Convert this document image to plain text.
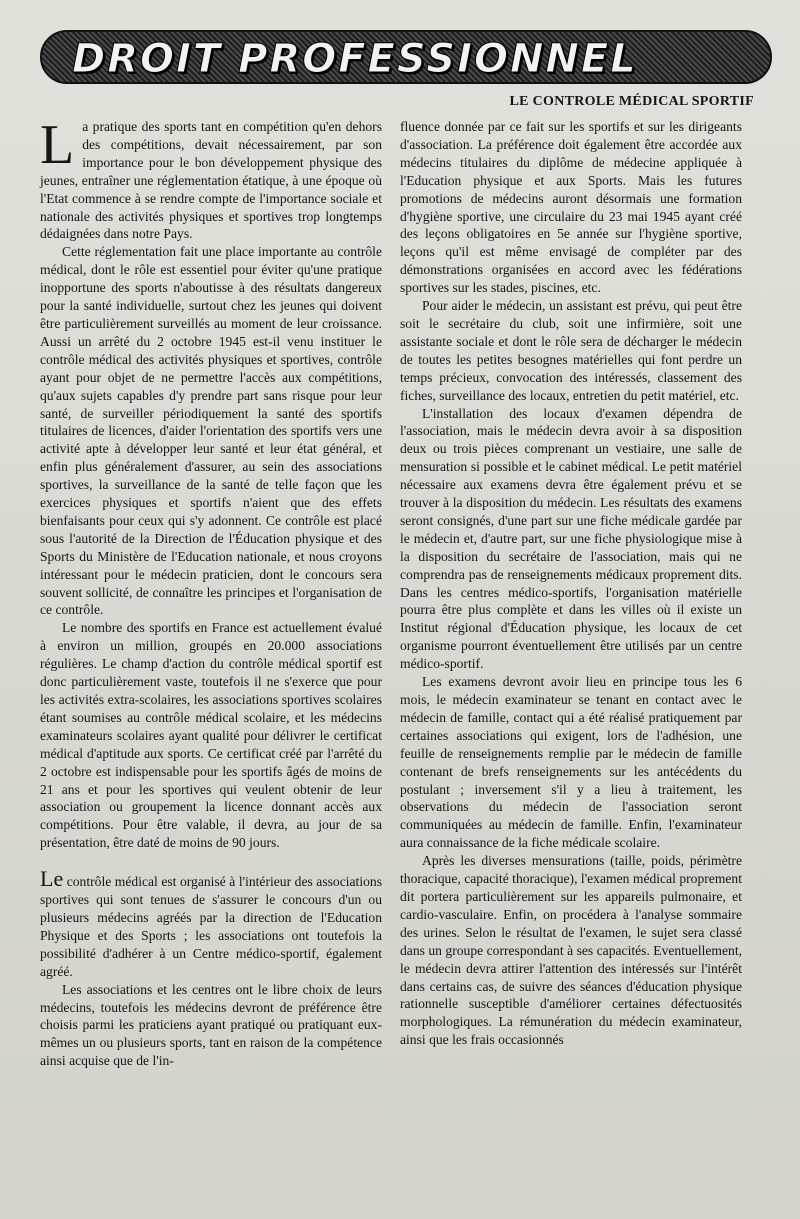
DROIT PROFESSIONNEL
LE CONTROLE MÉDICAL SPORTIF

La pratique des sports tant en compétition qu'en dehors des compétitions, devait nécessairement, par son importance pour le bon développement physique des jeunes, entraîner une réglementation étatique, à une époque où l'Etat commence à se rendre compte de l'importance sociale et nationale des activités physiques et sportives trop longtemps dédaignées dans notre Pays.

Cette réglementation fait une place importante au contrôle médical, dont le rôle est essentiel pour éviter qu'une pratique inopportune des sports n'aboutisse à des résultats dangereux pour la santé individuelle, surtout chez les jeunes qui doivent être particulièrement surveillés au moment de leur croissance. Aussi un arrêté du 2 octobre 1945 est-il venu instituer le contrôle médical des activités physiques et sportives, contrôle ayant pour objet de ne permettre l'accès aux compétitions, qu'aux sujets capables d'y prendre part sans risque pour leur santé, de surveiller périodiquement la santé des sportifs titulaires de licences, d'aider l'orientation des sportifs vers une activité apte à développer leur santé et leur état général, et enfin plus généralement d'assurer, au sein des associations sportives, la surveillance de la santé de telle façon que les exercices physiques et sportifs n'aient que des effets bienfaisants pour ceux qui s'y adonnent. Ce contrôle est placé sous l'autorité de la Direction de l'Éducation physique et des Sports du Ministère de l'Education nationale, et nous croyons intéressant pour le médecin praticien, dont le concours sera souvent sollicité, de connaître les principes et l'organisation de ce contrôle.

Le nombre des sportifs en France est actuellement évalué à environ un million, groupés en 20.000 associations régulières. Le champ d'action du contrôle médical sportif est donc particulièrement vaste, toutefois il ne s'exerce que pour les activités extra-scolaires, les associations sportives scolaires étant soumises au contrôle médical scolaire, et les médecins examinateurs scolaires ayant qualité pour délivrer le certificat médical d'aptitude aux sports. Ce certificat créé par l'arrêté du 2 octobre est indispensable pour les sportifs âgés de moins de 21 ans et pour les sportives qui veulent obtenir de leur association ou groupement la licence donnant accès aux compétitions. Pour être valable, il devra, au jour de sa présentation, être daté de moins de 90 jours.

Le contrôle médical est organisé à l'intérieur des associations sportives qui sont tenues de s'assurer le concours d'un ou plusieurs médecins agréés par la direction de l'Education Physique et des Sports ; les associations ont toutefois la possibilité d'adhérer à un Centre médico-sportif, également agréé.

Les associations et les centres ont le libre choix de leurs médecins, toutefois les médecins devront de préférence être choisis parmi les praticiens ayant pratiqué ou pratiquant eux-mêmes un ou plusieurs sports, tant en raison de la compétence ainsi acquise que de l'in-

fluence donnée par ce fait sur les sportifs et sur les dirigeants d'association. La préférence doit également être accordée aux médecins titulaires du diplôme de médecine appliquée à l'Education physique et aux Sports. Mais les futures promotions de médecins auront désormais une formation d'hygiène sportive, une circulaire du 23 mai 1945 ayant créé des leçons obligatoires en 5e année sur l'hygiène sportive, leçons qu'il est même envisagé de compléter par des démonstrations organisées en accord avec les fédérations sportives sur les stades, piscines, etc.

Pour aider le médecin, un assistant est prévu, qui peut être soit le secrétaire du club, soit une infirmière, soit une assistante sociale et dont le rôle sera de décharger le médecin de toutes les petites besognes matérielles qui font perdre un temps précieux, convocation des intéressés, classement des fiches, surveillance des locaux, entretien du petit matériel, etc.

L'installation des locaux d'examen dépendra de l'association, mais le médecin devra avoir à sa disposition deux ou trois pièces comprenant un vestiaire, une salle de mensuration si possible et le cabinet médical. Le petit matériel nécessaire aux examens devra être également prévu et se trouver à la disposition du médecin. Les résultats des examens seront consignés, d'une part sur une fiche médicale gardée par le médecin et, d'autre part, sur une fiche physiologique mise à la disposition du secrétaire de l'association, mais qui ne comprendra pas de renseignements médicaux proprement dits. Dans les centres médico-sportifs, l'organisation matérielle pourra être plus complète et dans les villes où il existe un Institut régional d'Éducation physique, les locaux de cet organisme pourront éventuellement être utilisés par un centre médico-sportif.

Les examens devront avoir lieu en principe tous les 6 mois, le médecin examinateur se tenant en contact avec le médecin de famille, contact qui a été réalisé pratiquement par certaines associations qui exigent, lors de l'adhésion, une feuille de renseignements remplie par le médecin de famille contenant de brefs renseignements sur les antécédents du postulant ; inversement s'il y a lieu à traitement, les observations du médecin de l'association seront communiquées au médecin de famille. Enfin, l'examinateur aura connaissance de la fiche médicale scolaire.

Après les diverses mensurations (taille, poids, périmètre thoracique, capacité thoracique), l'examen médical proprement dit portera particulièrement sur les appareils pulmonaire, et cardio-vasculaire. Enfin, on procédera à l'analyse sommaire des urines. Selon le résultat de l'examen, le sujet sera classé dans un groupe correspondant à ses capacités. Eventuellement, le médecin devra attirer l'attention des intéressés sur l'intérêt dans certains cas, de suivre des séances d'éducation physique rationnelle susceptible d'améliorer certaines défectuosités morphologiques. La rémunération du médecin examinateur, ainsi que les frais occasionnés
